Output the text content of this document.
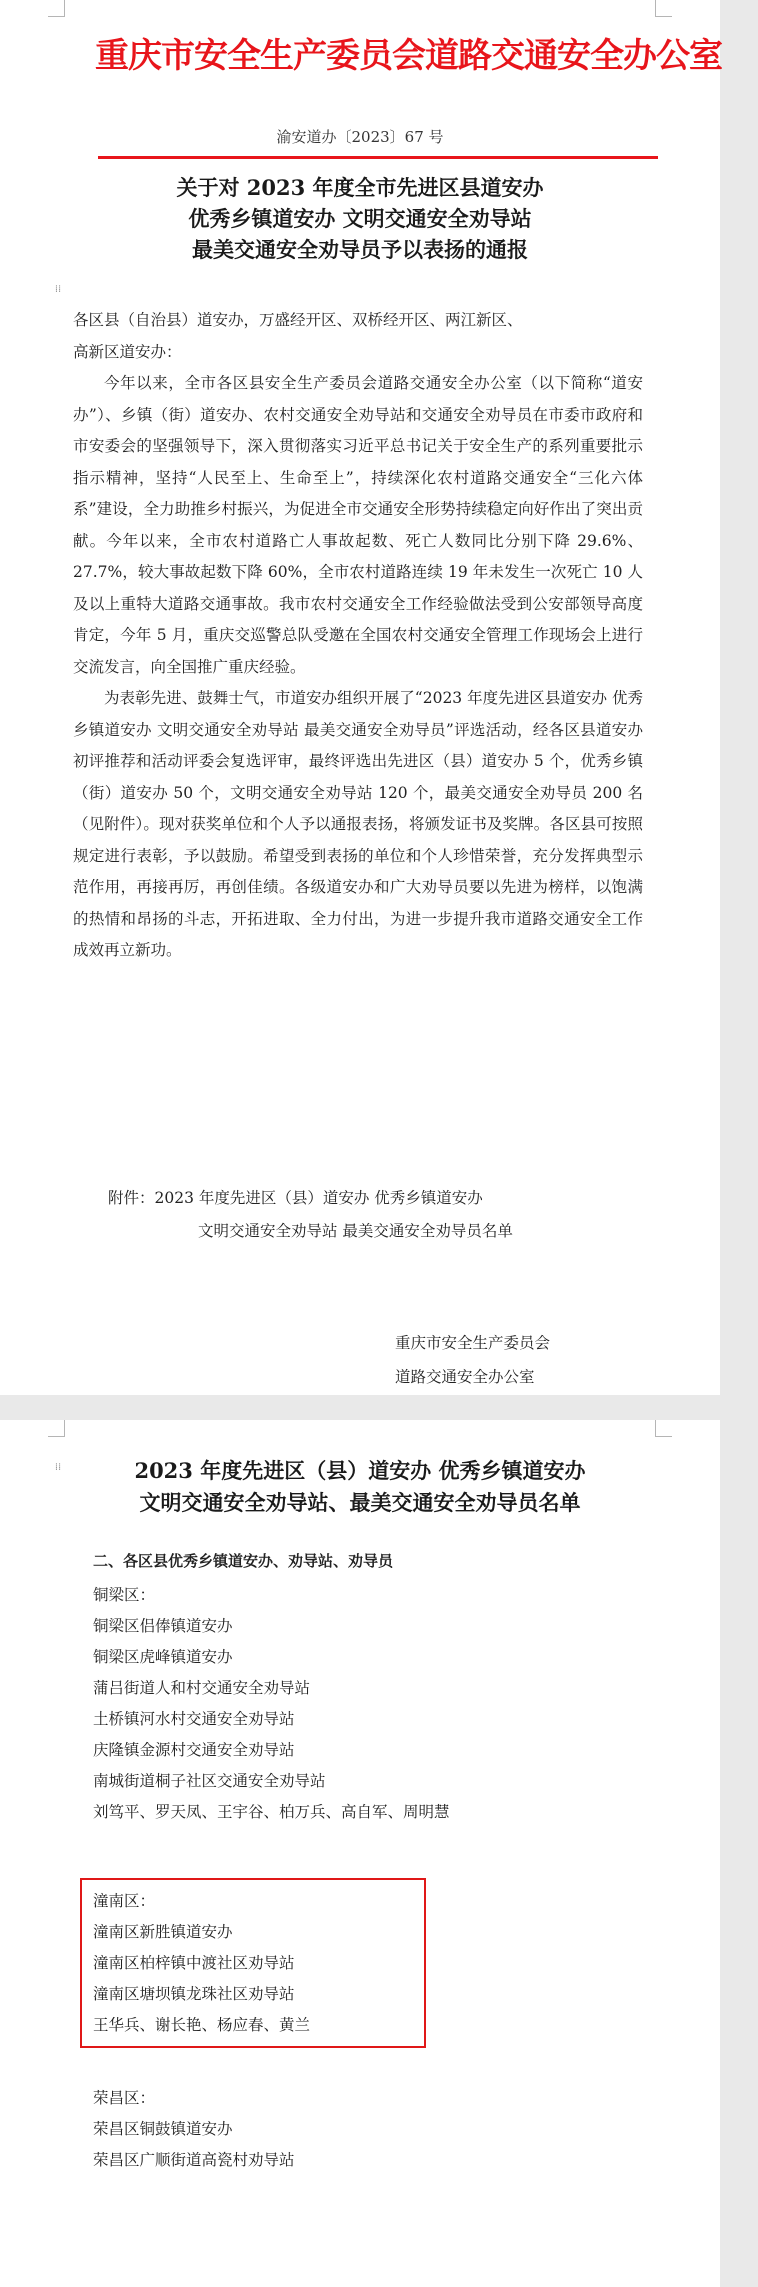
⁞⁞
重庆市安全生产委员会道路交通安全办公室
渝安道办〔2023〕67 号
关于对 2023 年度全市先进区县道安办
优秀乡镇道安办 文明交通安全劝导站
最美交通安全劝导员予以表扬的通报

各区县（自治县）道安办，万盛经开区、双桥经开区、两江新区、

高新区道安办：

今年以来，全市各区县安全生产委员会道路交通安全办公室（以下简称“道安办”）、乡镇（街）道安办、农村交通安全劝导站和交通安全劝导员在市委市政府和市安委会的坚强领导下，深入贯彻落实习近平总书记关于安全生产的系列重要批示指示精神，坚持“人民至上、生命至上”，持续深化农村道路交通安全“三化六体系”建设，全力助推乡村振兴，为促进全市交通安全形势持续稳定向好作出了突出贡献。今年以来，全市农村道路亡人事故起数、死亡人数同比分别下降 29.6%、27.7%，较大事故起数下降 60%，全市农村道路连续 19 年未发生一次死亡 10 人及以上重特大道路交通事故。我市农村交通安全工作经验做法受到公安部领导高度肯定，今年 5 月，重庆交巡警总队受邀在全国农村交通安全管理工作现场会上进行交流发言，向全国推广重庆经验。

为表彰先进、鼓舞士气，市道安办组织开展了“2023 年度先进区县道安办 优秀乡镇道安办 文明交通安全劝导站 最美交通安全劝导员”评选活动，经各区县道安办初评推荐和活动评委会复选评审，最终评选出先进区（县）道安办 5 个，优秀乡镇（街）道安办 50 个，文明交通安全劝导站 120 个，最美交通安全劝导员 200 名（见附件）。现对获奖单位和个人予以通报表扬，将颁发证书及奖牌。各区县可按照规定进行表彰，予以鼓励。希望受到表扬的单位和个人珍惜荣誉，充分发挥典型示范作用，再接再厉，再创佳绩。各级道安办和广大劝导员要以先进为榜样，以饱满的热情和昂扬的斗志，开拓进取、全力付出，为进一步提升我市道路交通安全工作成效再立新功。

附件：2023 年度先进区（县）道安办 优秀乡镇道安办
文明交通安全劝导站 最美交通安全劝导员名单
重庆市安全生产委员会
道路交通安全办公室
⁞⁞	2023 年度先进区（县）道安办 优秀乡镇道安办
文明交通安全劝导站、最美交通安全劝导员名单
二、各区县优秀乡镇道安办、劝导站、劝导员
铜梁区：
铜梁区侣俸镇道安办
铜梁区虎峰镇道安办
蒲吕街道人和村交通安全劝导站
土桥镇河水村交通安全劝导站
庆隆镇金源村交通安全劝导站
南城街道桐子社区交通安全劝导站
刘笃平、罗天凤、王宇谷、柏万兵、高自军、周明慧
潼南区：
潼南区新胜镇道安办
潼南区柏梓镇中渡社区劝导站
潼南区塘坝镇龙珠社区劝导站
王华兵、谢长艳、杨应春、黄兰
荣昌区：
荣昌区铜鼓镇道安办
荣昌区广顺街道高瓷村劝导站
